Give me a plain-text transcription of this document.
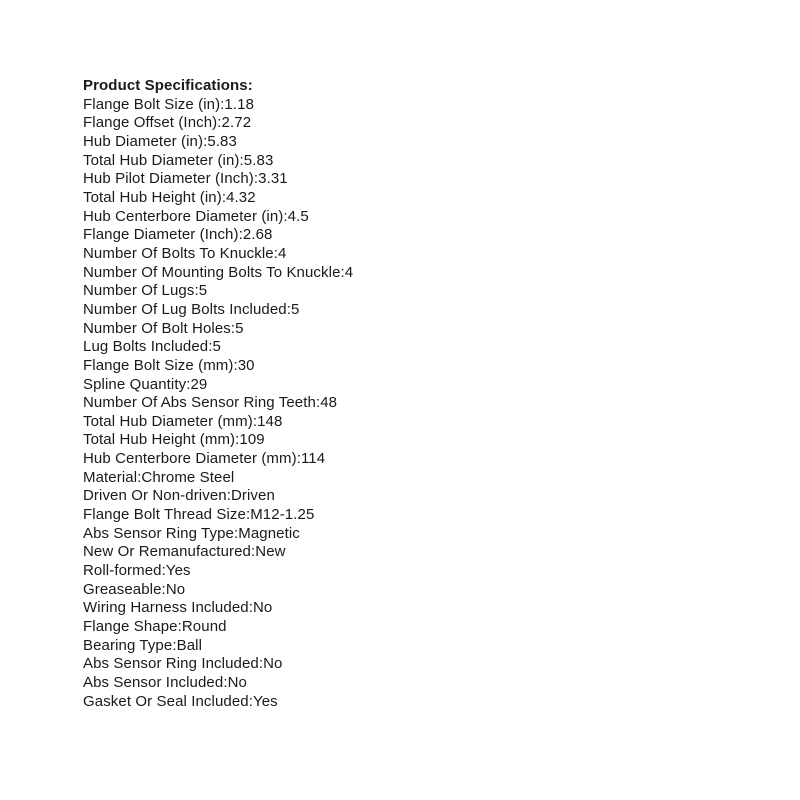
Product Specifications:
Flange Bolt Size (in):1.18
Flange Offset (Inch):2.72
Hub Diameter (in):5.83
Total Hub Diameter (in):5.83
Hub Pilot Diameter (Inch):3.31
Total Hub Height (in):4.32
Hub Centerbore Diameter (in):4.5
Flange Diameter (Inch):2.68
Number Of Bolts To Knuckle:4
Number Of Mounting Bolts To Knuckle:4
Number Of Lugs:5
Number Of Lug Bolts Included:5
Number Of Bolt Holes:5
Lug Bolts Included:5
Flange Bolt Size (mm):30
Spline Quantity:29
Number Of Abs Sensor Ring Teeth:48
Total Hub Diameter (mm):148
Total Hub Height (mm):109
Hub Centerbore Diameter (mm):114
Material:Chrome Steel
Driven Or Non-driven:Driven
Flange Bolt Thread Size:M12-1.25
Abs Sensor Ring Type:Magnetic
New Or Remanufactured:New
Roll-formed:Yes
Greaseable:No
Wiring Harness Included:No
Flange Shape:Round
Bearing Type:Ball
Abs Sensor Ring Included:No
Abs Sensor Included:No
Gasket Or Seal Included:Yes
